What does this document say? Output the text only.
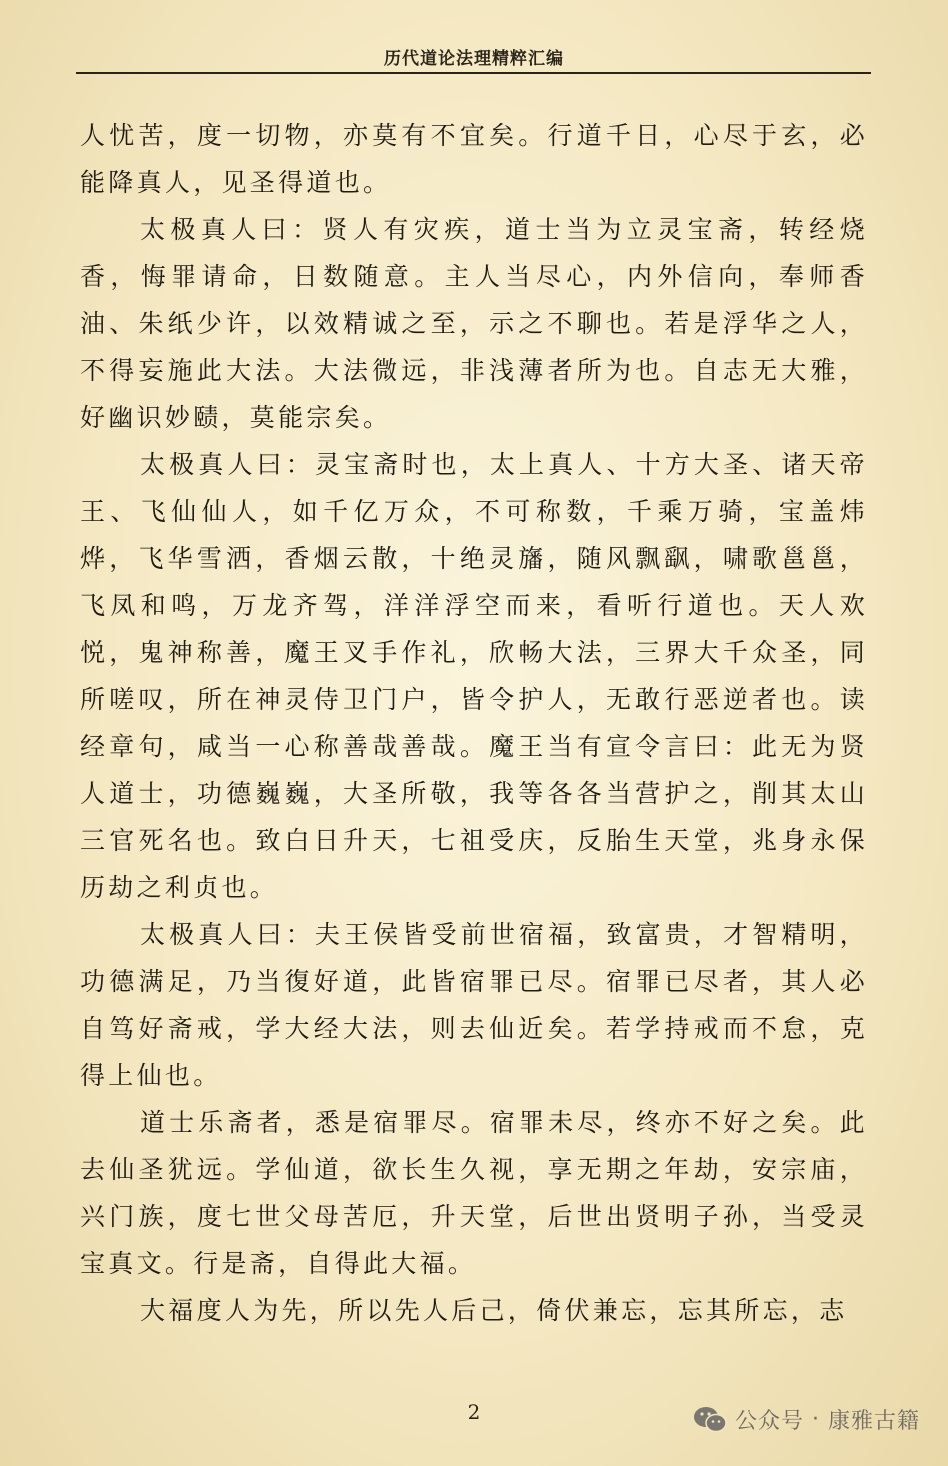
历代道论法理精粹汇编

人忧苦，度一切物，亦莫有不宜矣。行道千日，心尽于玄，必能降真人，见圣得道也。

太极真人曰：贤人有灾疾，道士当为立灵宝斋，转经烧香，悔罪请命，日数随意。主人当尽心，内外信向，奉师香油、朱纸少许，以效精诚之至，示之不聊也。若是浮华之人，不得妄施此大法。大法微远，非浅薄者所为也。自志无大雅，好幽识妙赜，莫能宗矣。

太极真人曰：灵宝斋时也，太上真人、十方大圣、诸天帝王、飞仙仙人，如千亿万众，不可称数，千乘万骑，宝盖炜烨，飞华雪洒，香烟云散，十绝灵旛，随风飘飖，啸歌邕邕，飞凤和鸣，万龙齐驾，洋洋浮空而来，看听行道也。天人欢悦，鬼神称善，魔王叉手作礼，欣畅大法，三界大千众圣，同所嗟叹，所在神灵侍卫门户，皆令护人，无敢行恶逆者也。读经章句，咸当一心称善哉善哉。魔王当有宣令言曰：此无为贤人道士，功德巍巍，大圣所敬，我等各各当营护之，削其太山三官死名也。致白日升天，七祖受庆，反胎生天堂，兆身永保历劫之利贞也。

太极真人曰：夫王侯皆受前世宿福，致富贵，才智精明，功德满足，乃当復好道，此皆宿罪已尽。宿罪已尽者，其人必自笃好斋戒，学大经大法，则去仙近矣。若学持戒而不怠，克得上仙也。

道士乐斋者，悉是宿罪尽。宿罪未尽，终亦不好之矣。此去仙圣犹远。学仙道，欲长生久视，享无期之年劫，安宗庙，兴门族，度七世父母苦厄，升天堂，后世出贤明子孙，当受灵宝真文。行是斋，自得此大福。

大福度人为先，所以先人后己，倚伏兼忘，忘其所忘，志

2	公众号 · 康雅古籍
